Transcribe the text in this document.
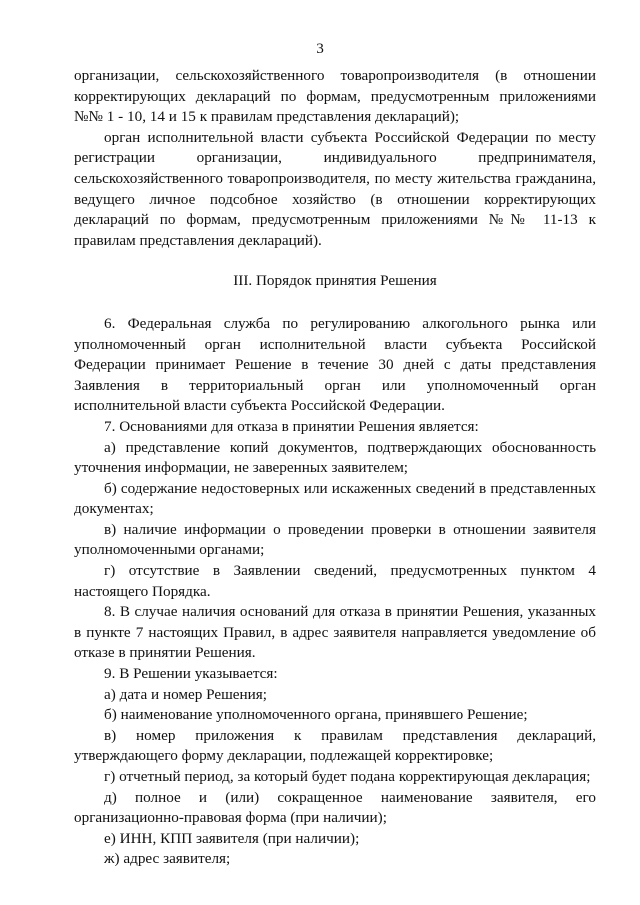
3

организации, сельскохозяйственного товаропроизводителя (в отношении

корректирующих деклараций по формам, предусмотренным приложениями

№№ 1 - 10, 14 и 15 к правилам представления деклараций);

орган исполнительной власти субъекта Российской Федерации по месту

регистрации организации, индивидуального предпринимателя,

сельскохозяйственного товаропроизводителя, по месту жительства гражданина,

ведущего личное подсобное хозяйство (в отношении корректирующих

деклараций по формам, предусмотренным приложениями №№ 11-13 к

правилам представления деклараций).

III. Порядок принятия Решения

6. Федеральная служба по регулированию алкогольного рынка или

уполномоченный орган исполнительной власти субъекта Российской

Федерации принимает Решение в течение 30 дней с даты представления

Заявления в территориальный орган или уполномоченный орган

исполнительной власти субъекта Российской Федерации.

7. Основаниями для отказа в принятии Решения является:

а) представление копий документов, подтверждающих обоснованность

уточнения информации, не заверенных заявителем;

б) содержание недостоверных или искаженных сведений в представленных

документах;

в) наличие информации о проведении проверки в отношении заявителя

уполномоченными органами;

г) отсутствие в Заявлении сведений, предусмотренных пунктом 4

настоящего Порядка.

8. В случае наличия оснований для отказа в принятии Решения, указанных

в пункте 7 настоящих Правил, в адрес заявителя направляется уведомление об

отказе в принятии Решения.

9. В Решении указывается:

а) дата и номер Решения;

б) наименование уполномоченного органа, принявшего Решение;

в) номер приложения к правилам представления деклараций,

утверждающего форму декларации, подлежащей корректировке;

г) отчетный период, за который будет подана корректирующая декларация;

д) полное и (или) сокращенное наименование заявителя, его

организационно-правовая форма (при наличии);

е) ИНН, КПП заявителя (при наличии);

ж) адрес заявителя;
